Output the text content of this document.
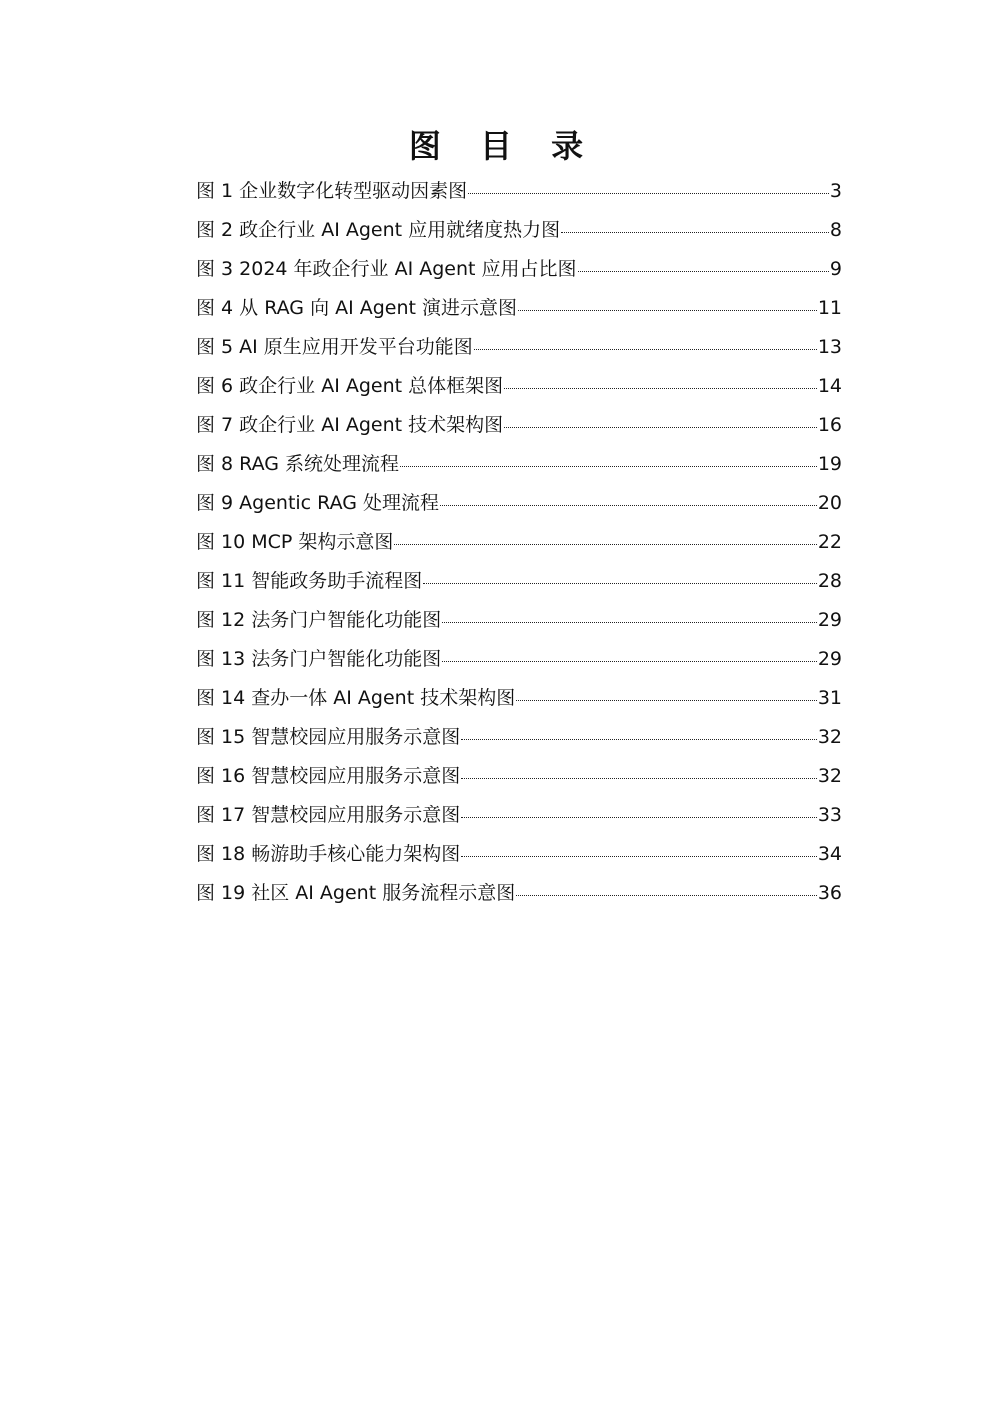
图 目 录
图 1 企业数字化转型驱动因素图	3
图 2 政企行业 AI Agent 应用就绪度热力图	8
图 3 2024 年政企行业 AI Agent 应用占比图	9
图 4 从 RAG 向 AI Agent 演进示意图	11
图 5 AI 原生应用开发平台功能图	13
图 6 政企行业 AI Agent 总体框架图	14
图 7 政企行业 AI Agent 技术架构图	16
图 8 RAG 系统处理流程	19
图 9 Agentic RAG 处理流程	20
图 10 MCP 架构示意图	22
图 11 智能政务助手流程图	28
图 12 法务门户智能化功能图	29
图 13 法务门户智能化功能图	29
图 14 查办一体 AI Agent 技术架构图	31
图 15 智慧校园应用服务示意图	32
图 16 智慧校园应用服务示意图	32
图 17 智慧校园应用服务示意图	33
图 18 畅游助手核心能力架构图	34
图 19 社区 AI Agent 服务流程示意图	36
